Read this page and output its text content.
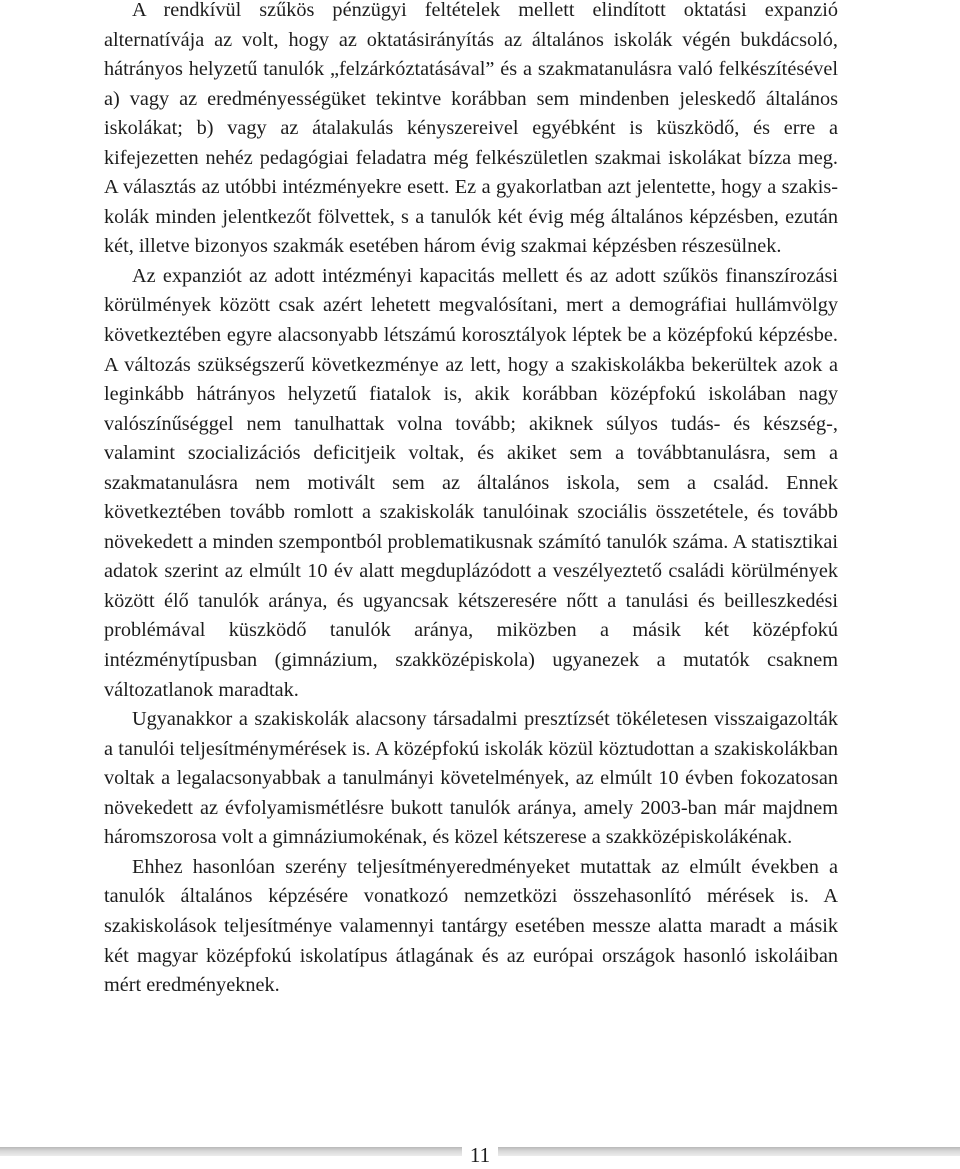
A rendkívül szűkös pénzügyi feltételek mellett elindított oktatási expanzió alternatívája az volt, hogy az oktatásirányítás az általános iskolák végén bukdácsoló, hátrányos helyzetű tanulók „felzárkóztatásával” és a szakmatanulásra való felkészítésével a) vagy az eredményességüket tekintve korábban sem mindenben jeleskedő általános iskolákat; b) vagy az átalakulás kényszereivel egyébként is küszködő, és erre a kifejezetten nehéz pedagógiai feladatra még felkészületlen szakmai iskolákat bízza meg. A választás az utóbbi intézményekre esett. Ez a gyakorlatban azt jelentette, hogy a szakiskolák minden jelentkezőt fölvettek, s a tanulók két évig még általános képzésben, ezután két, illetve bizonyos szakmák esetében három évig szakmai képzésben részesülnek.

Az expanziót az adott intézményi kapacitás mellett és az adott szűkös finanszírozási körülmények között csak azért lehetett megvalósítani, mert a demográfiai hullámvölgy következtében egyre alacsonyabb létszámú korosztályok léptek be a középfokú képzésbe. A változás szükségszerű következménye az lett, hogy a szakiskolákba bekerültek azok a leginkább hátrányos helyzetű fiatalok is, akik korábban középfokú iskolában nagy valószínűséggel nem tanulhattak volna tovább; akiknek súlyos tudás- és készség-, valamint szocializációs deficitjeik voltak, és akiket sem a továbbtanulásra, sem a szakmatanulásra nem motivált sem az általános iskola, sem a család. Ennek következtében tovább romlott a szakiskolák tanulóinak szociális összetétele, és tovább növekedett a minden szempontból problematikusnak számító tanulók száma. A statisztikai adatok szerint az elmúlt 10 év alatt megduplázódott a veszélyeztető családi körülmények között élő tanulók aránya, és ugyancsak kétszeresére nőtt a tanulási és beilleszkedési problémával küszködő tanulók aránya, miközben a másik két középfokú intézménytípusban (gimnázium, szakközépiskola) ugyanezek a mutatók csaknem változatlanok maradtak.

Ugyanakkor a szakiskolák alacsony társadalmi presztízsét tökéletesen visszaigazolták a tanulói teljesítménymérések is. A középfokú iskolák közül köztudottan a szakiskolákban voltak a legalacsonyabbak a tanulmányi követelmények, az elmúlt 10 évben fokozatosan növekedett az évfolyamismétlésre bukott tanulók aránya, amely 2003-ban már majdnem háromszorosa volt a gimnáziumokénak, és közel kétszerese a szakközépiskolákénak.

Ehhez hasonlóan szerény teljesítményeredményeket mutattak az elmúlt években a tanulók általános képzésére vonatkozó nemzetközi összehasonlító mérések is. A szakiskolások teljesítménye valamennyi tantárgy esetében messze alatta maradt a másik két magyar középfokú iskolatípus átlagának és az európai országok hasonló iskoláiban mért eredményeknek.

11
